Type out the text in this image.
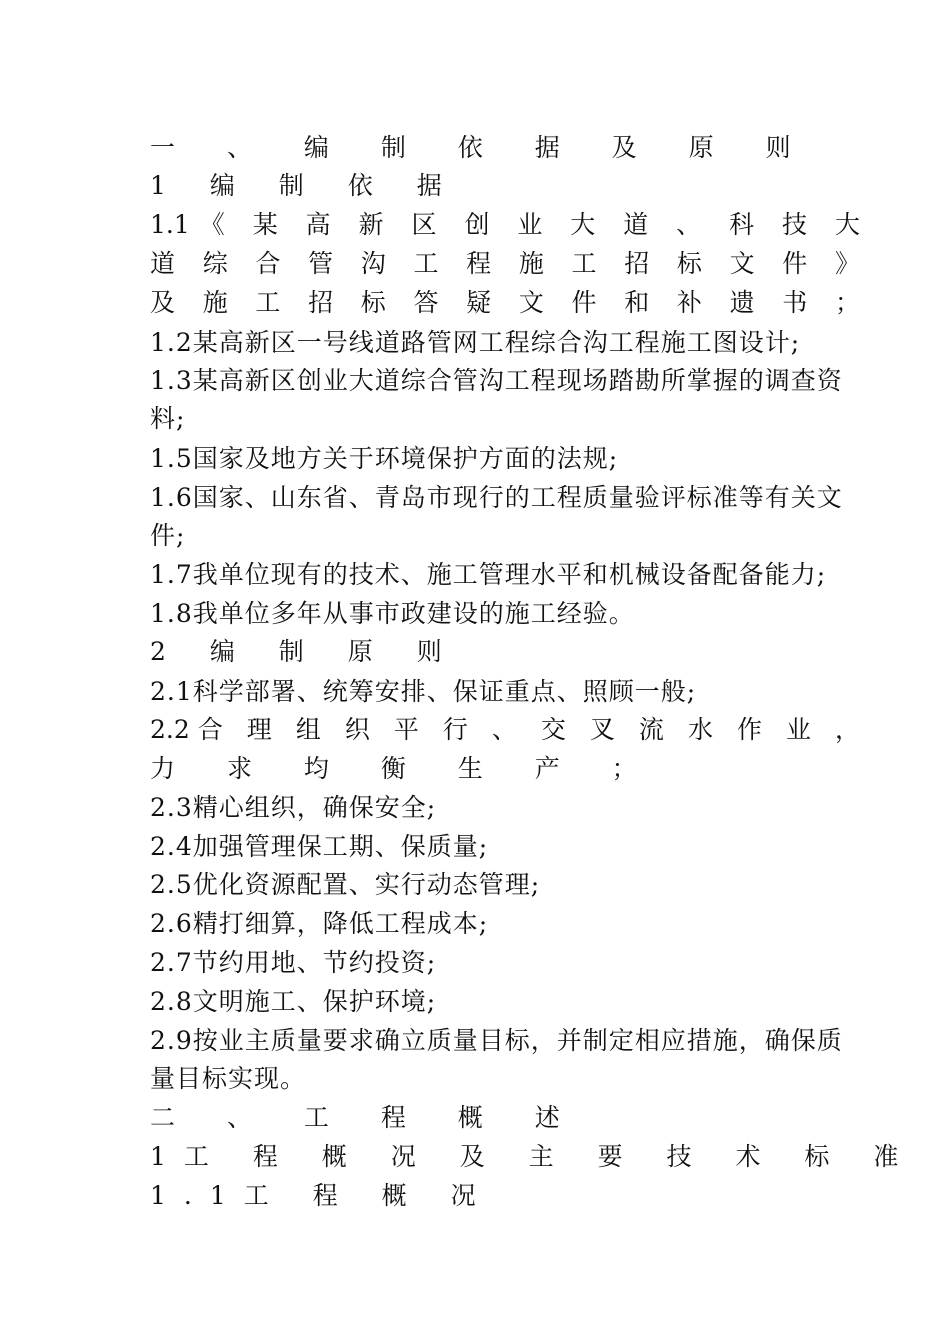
一 、 编 制 依 据 及 原 则
1 编 制 依 据
1.1《 某 高 新 区 创 业 大 道 、 科 技 大
道 综 合 管 沟 工 程 施 工 招 标 文 件 》
及 施 工 招 标 答 疑 文 件 和 补 遗 书 ；
1.2某高新区一号线道路管网工程综合沟工程施工图设计;
1.3某高新区创业大道综合管沟工程现场踏勘所掌握的调查资
料;
1.5国家及地方关于环境保护方面的法规;
1.6国家、山东省、青岛市现行的工程质量验评标准等有关文
件;
1.7我单位现有的技术、施工管理水平和机械设备配备能力;
1.8我单位多年从事市政建设的施工经验。
2 编 制 原 则
2.1科学部署、统筹安排、保证重点、照顾一般;
2.2合 理 组 织 平 行 、 交 叉 流 水 作 业 ，
力 求 均 衡 生 产 ；
2.3精心组织，确保安全;
2.4加强管理保工期、保质量;
2.5优化资源配置、实行动态管理;
2.6精打细算，降低工程成本;
2.7节约用地、节约投资;
2.8文明施工、保护环境;
2.9按业主质量要求确立质量目标，并制定相应措施，确保质
量目标实现。
二 、 工 程 概 述
1工 程 概 况 及 主 要 技 术 标 准
1.1工 程 概 况
